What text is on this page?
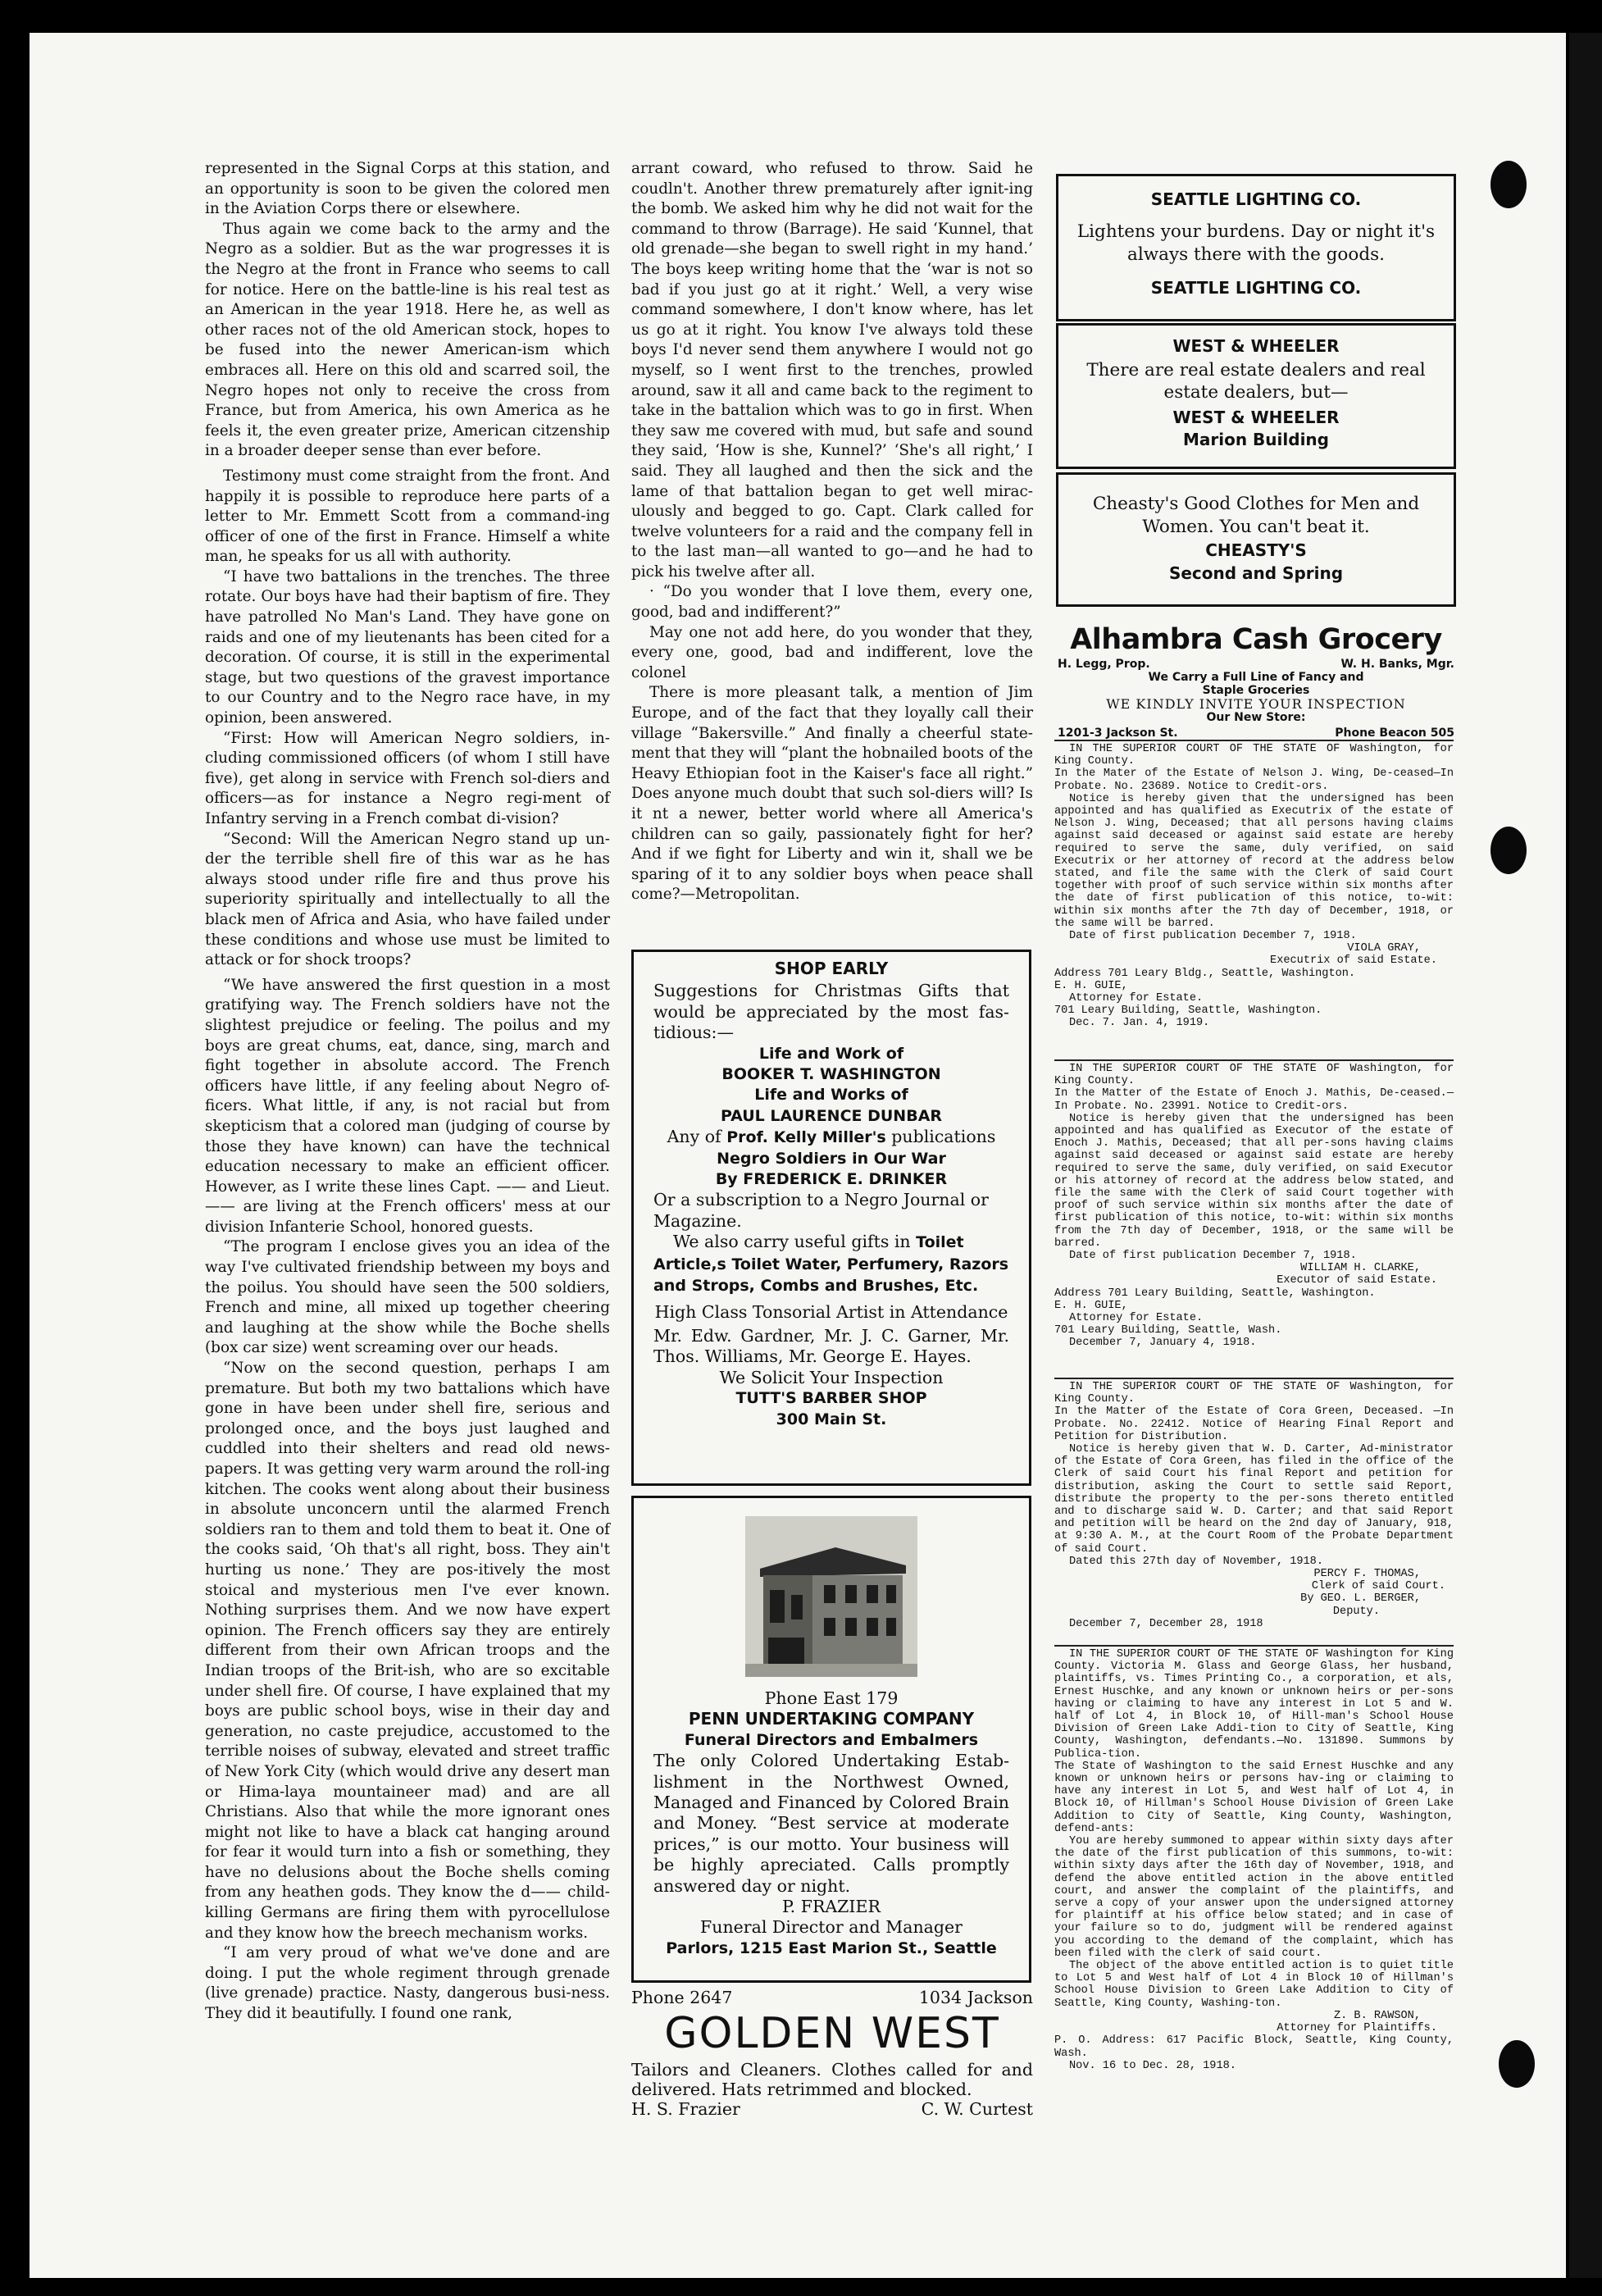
represented in the Signal Corps at this station, and an opportunity is soon to be given the colored men in the Aviation Corps there or elsewhere.

Thus again we come back to the army and the Negro as a soldier. But as the war progresses it is the Negro at the front in France who seems to call for notice. Here on the battle-line is his real test as an American in the year 1918. Here he, as well as other races not of the old American stock, hopes to be fused into the newer American-ism which embraces all. Here on this old and scarred soil, the Negro hopes not only to receive the cross from France, but from America, his own America as he feels it, the even greater prize, American citzenship in a broader deeper sense than ever before.

Testimony must come straight from the front. And happily it is possible to reproduce here parts of a letter to Mr. Emmett Scott from a command-ing officer of one of the first in France. Himself a white man, he speaks for us all with authority.

“I have two battalions in the trenches. The three rotate. Our boys have had their baptism of fire. They have patrolled No Man's Land. They have gone on raids and one of my lieutenants has been cited for a decoration. Of course, it is still in the experimental stage, but two questions of the gravest importance to our Country and to the Negro race have, in my opinion, been answered.

“First: How will American Negro soldiers, in-cluding commissioned officers (of whom I still have five), get along in service with French sol-diers and officers—as for instance a Negro regi-ment of Infantry serving in a French combat di-vision?

“Second: Will the American Negro stand up un-der the terrible shell fire of this war as he has always stood under rifle fire and thus prove his superiority spiritually and intellectually to all the black men of Africa and Asia, who have failed under these conditions and whose use must be limited to attack or for shock troops?

“We have answered the first question in a most gratifying way. The French soldiers have not the slightest prejudice or feeling. The poilus and my boys are great chums, eat, dance, sing, march and fight together in absolute accord. The French officers have little, if any feeling about Negro of-ficers. What little, if any, is not racial but from skepticism that a colored man (judging of course by those they have known) can have the technical education necessary to make an efficient officer. However, as I write these lines Capt. —— and Lieut. —— are living at the French officers' mess at our division Infanterie School, honored guests.

“The program I enclose gives you an idea of the way I've cultivated friendship between my boys and the poilus. You should have seen the 500 soldiers, French and mine, all mixed up together cheering and laughing at the show while the Boche shells (box car size) went screaming over our heads.

“Now on the second question, perhaps I am premature. But both my two battalions which have gone in have been under shell fire, serious and prolonged once, and the boys just laughed and cuddled into their shelters and read old news-papers. It was getting very warm around the roll-ing kitchen. The cooks went along about their business in absolute unconcern until the alarmed French soldiers ran to them and told them to beat it. One of the cooks said, ‘Oh that's all right, boss. They ain't hurting us none.’ They are pos-itively the most stoical and mysterious men I've ever known. Nothing surprises them. And we now have expert opinion. The French officers say they are entirely different from their own African troops and the Indian troops of the Brit-ish, who are so excitable under shell fire. Of course, I have explained that my boys are public school boys, wise in their day and generation, no caste prejudice, accustomed to the terrible noises of subway, elevated and street traffic of New York City (which would drive any desert man or Hima-laya mountaineer mad) and are all Christians. Also that while the more ignorant ones might not like to have a black cat hanging around for fear it would turn into a fish or something, they have no delusions about the Boche shells coming from any heathen gods. They know the d—— child-killing Germans are firing them with pyrocellulose and they know how the breech mechanism works.

“I am very proud of what we've done and are doing. I put the whole regiment through grenade (live grenade) practice. Nasty, dangerous busi-ness. They did it beautifully. I found one rank,

arrant coward, who refused to throw. Said he coudln't. Another threw prematurely after ignit-ing the bomb. We asked him why he did not wait for the command to throw (Barrage). He said ‘Kunnel, that old grenade—she began to swell right in my hand.’ The boys keep writing home that the ‘war is not so bad if you just go at it right.’ Well, a very wise command somewhere, I don't know where, has let us go at it right. You know I've always told these boys I'd never send them anywhere I would not go myself, so I went first to the trenches, prowled around, saw it all and came back to the regiment to take in the battalion which was to go in first. When they saw me covered with mud, but safe and sound they said, ‘How is she, Kunnel?’ ‘She's all right,’ I said. They all laughed and then the sick and the lame of that battalion began to get well mirac-ulously and begged to go. Capt. Clark called for twelve volunteers for a raid and the company fell in to the last man—all wanted to go—and he had to pick his twelve after all.

· “Do you wonder that I love them, every one, good, bad and indifferent?”

May one not add here, do you wonder that they, every one, good, bad and indifferent, love the colonel

There is more pleasant talk, a mention of Jim Europe, and of the fact that they loyally call their village “Bakersville.” And finally a cheerful state-ment that they will “plant the hobnailed boots of the Heavy Ethiopian foot in the Kaiser's face all right.” Does anyone much doubt that such sol-diers will? Is it nt a newer, better world where all America's children can so gaily, passionately fight for her? And if we fight for Liberty and win it, shall we be sparing of it to any soldier boys when peace shall come?—Metropolitan.

SHOP EARLY
Suggestions for Christmas Gifts that would be appreciated by the most fas-tidious:—
Life and Work of
BOOKER T. WASHINGTON
Life and Works of
PAUL LAURENCE DUNBAR
Any of Prof. Kelly Miller's publications
Negro Soldiers in Our War
By FREDERICK E. DRINKER
Or a subscription to a Negro Journal or Magazine.
We also carry useful gifts in Toilet Article,s Toilet Water, Perfumery, Razors and Strops, Combs and Brushes, Etc.
High Class Tonsorial Artist in Attendance
Mr. Edw. Gardner, Mr. J. C. Garner, Mr. Thos. Williams, Mr. George E. Hayes.
We Solicit Your Inspection
TUTT'S BARBER SHOP
300 Main St.
Phone East 179
PENN UNDERTAKING COMPANY
Funeral Directors and Embalmers
The only Colored Undertaking Estab-lishment in the Northwest Owned, Managed and Financed by Colored Brain and Money. “Best service at moderate prices,” is our motto. Your business will be highly apreciated. Calls promptly answered day or night.
P. FRAZIER
Funeral Director and Manager
Parlors, 1215 East Marion St., Seattle
Phone 2647	1034 Jackson
GOLDEN WEST
Tailors and Cleaners. Clothes called for and delivered. Hats retrimmed and blocked.
H. S. Frazier	C. W. Curtest
SEATTLE LIGHTING CO.
Lightens your burdens. Day or night it's always there with the goods.
SEATTLE LIGHTING CO.
WEST & WHEELER
There are real estate dealers and real estate dealers, but—
WEST & WHEELER
Marion Building
Cheasty's Good Clothes for Men and Women. You can't beat it.
CHEASTY'S
Second and Spring
Alhambra Cash Grocery
H. Legg, Prop.	W. H. Banks, Mgr.
We Carry a Full Line of Fancy and
Staple Groceries
WE KINDLY INVITE YOUR INSPECTION
Our New Store:
1201-3 Jackson St.	Phone Beacon 505

IN THE SUPERIOR COURT OF THE STATE OF Washington, for King County.

In the Mater of the Estate of Nelson J. Wing, De-ceased—In Probate. No. 23689. Notice to Credit-ors.

Notice is hereby given that the undersigned has been appointed and has qualified as Executrix of the estate of Nelson J. Wing, Deceased; that all persons having claims against said deceased or against said estate are hereby required to serve the same, duly verified, on said Executrix or her attorney of record at the address below stated, and file the same with the Clerk of said Court together with proof of such service within six months after the date of first publication of this notice, to-wit: within six months after the 7th day of December, 1918, or the same will be barred.

Date of first publication December 7, 1918.

VIOLA GRAY,

Executrix of said Estate.

Address 701 Leary Bldg., Seattle, Washington.

E. H. GUIE,

Attorney for Estate.

701 Leary Building, Seattle, Washington.

Dec. 7. Jan. 4, 1919.

IN THE SUPERIOR COURT OF THE STATE OF Washington, for King County.

In the Matter of the Estate of Enoch J. Mathis, De-ceased.—In Probate. No. 23991. Notice to Credit-ors.

Notice is hereby given that the undersigned has been appointed and has qualified as Executor of the estate of Enoch J. Mathis, Deceased; that all per-sons having claims against said deceased or against said estate are hereby required to serve the same, duly verified, on said Executor or his attorney of record at the address below stated, and file the same with the Clerk of said Court together with proof of such service within six months after the date of first publication of this notice, to-wit: within six months from the 7th day of December, 1918, or the same will be barred.

Date of first publication December 7, 1918.

WILLIAM H. CLARKE,

Executor of said Estate.

Address 701 Leary Building, Seattle, Washington.

E. H. GUIE,

Attorney for Estate.

701 Leary Building, Seattle, Wash.

December 7, January 4, 1918.

IN THE SUPERIOR COURT OF THE STATE OF Washington, for King County.

In the Matter of the Estate of Cora Green, Deceased. —In Probate. No. 22412. Notice of Hearing Final Report and Petition for Distribution.

Notice is hereby given that W. D. Carter, Ad-ministrator of the Estate of Cora Green, has filed in the office of the Clerk of said Court his final Report and petition for distribution, asking the Court to settle said Report, distribute the property to the per-sons thereto entitled and to discharge said W. D. Carter; and that said Report and petition will be heard on the 2nd day of January, 918, at 9:30 A. M., at the Court Room of the Probate Department of said Court.

Dated this 27th day of November, 1918.

PERCY F. THOMAS,

Clerk of said Court.

By GEO. L. BERGER,

Deputy.

December 7, December 28, 1918

IN THE SUPERIOR COURT OF THE STATE OF Washington for King County. Victoria M. Glass and George Glass, her husband, plaintiffs, vs. Times Printing Co., a corporation, et als, Ernest Huschke, and any known or unknown heirs or per-sons having or claiming to have any interest in Lot 5 and W. half of Lot 4, in Block 10, of Hill-man's School House Division of Green Lake Addi-tion to City of Seattle, King County, Washington, defendants.—No. 131890. Summons by Publica-tion.

The State of Washington to the said Ernest Huschke and any known or unknown heirs or persons hav-ing or claiming to have any interest in Lot 5, and West half of Lot 4, in Block 10, of Hillman's School House Division of Green Lake Addition to City of Seattle, King County, Washington, defend-ants:

You are hereby summoned to appear within sixty days after the date of the first publication of this summons, to-wit: within sixty days after the 16th day of November, 1918, and defend the above entitled action in the above entitled court, and answer the complaint of the plaintiffs, and serve a copy of your answer upon the undersigned attorney for plaintiff at his office below stated; and in case of your failure so to do, judgment will be rendered against you according to the demand of the complaint, which has been filed with the clerk of said court.

The object of the above entitled action is to quiet title to Lot 5 and West half of Lot 4 in Block 10 of Hillman's School House Division to Green Lake Addition to City of Seattle, King County, Washing-ton.

Z. B. RAWSON,

Attorney for Plaintiffs.

P. O. Address: 617 Pacific Block, Seattle, King County, Wash.

Nov. 16 to Dec. 28, 1918.
